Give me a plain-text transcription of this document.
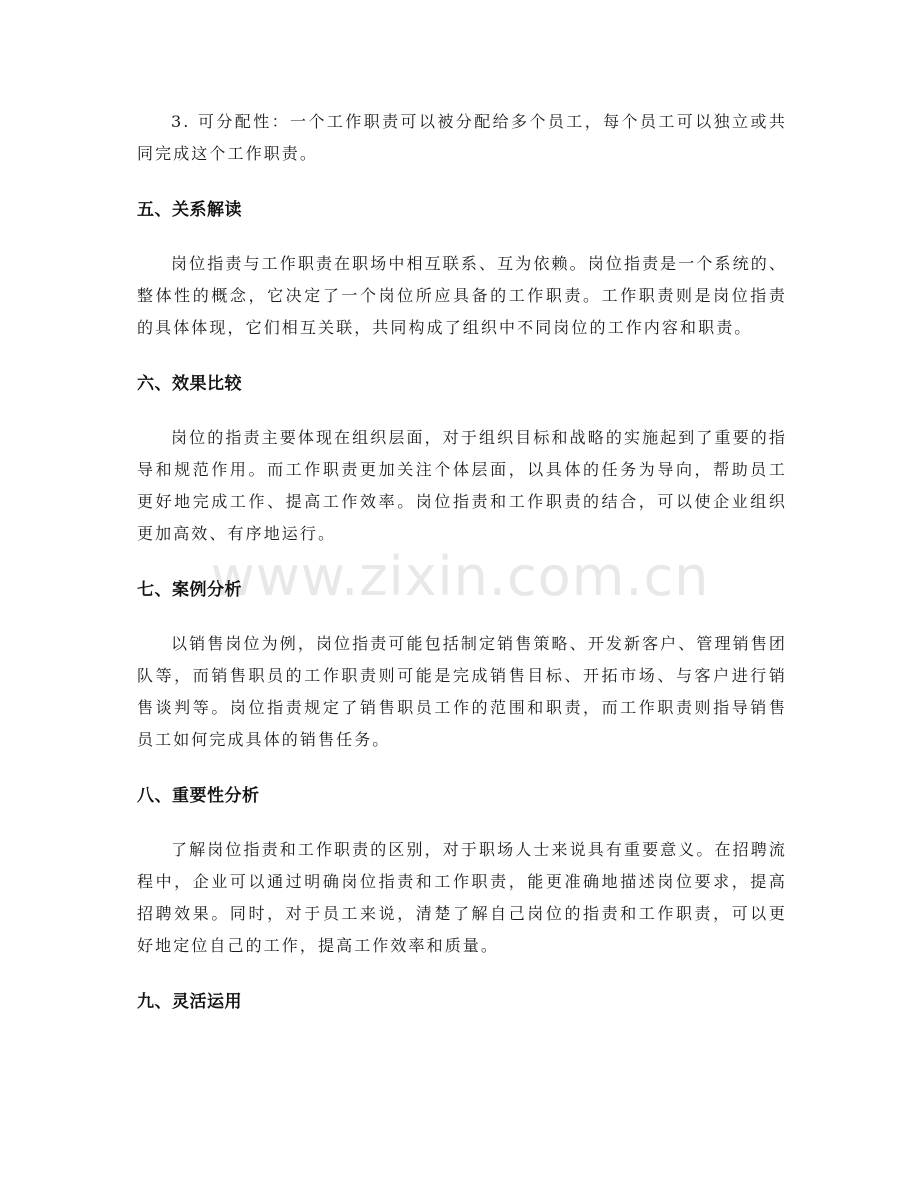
www.zixin.com.cn

3. 可分配性：一个工作职责可以被分配给多个员工，每个员工可以独立或共同完成这个工作职责。

五、关系解读

岗位指责与工作职责在职场中相互联系、互为依赖。岗位指责是一个系统的、整体性的概念，它决定了一个岗位所应具备的工作职责。工作职责则是岗位指责的具体体现，它们相互关联，共同构成了组织中不同岗位的工作内容和职责。

六、效果比较

岗位的指责主要体现在组织层面，对于组织目标和战略的实施起到了重要的指导和规范作用。而工作职责更加关注个体层面，以具体的任务为导向，帮助员工更好地完成工作、提高工作效率。岗位指责和工作职责的结合，可以使企业组织更加高效、有序地运行。

七、案例分析

以销售岗位为例，岗位指责可能包括制定销售策略、开发新客户、管理销售团队等，而销售职员的工作职责则可能是完成销售目标、开拓市场、与客户进行销售谈判等。岗位指责规定了销售职员工作的范围和职责，而工作职责则指导销售员工如何完成具体的销售任务。

八、重要性分析

了解岗位指责和工作职责的区别，对于职场人士来说具有重要意义。在招聘流程中，企业可以通过明确岗位指责和工作职责，能更准确地描述岗位要求，提高招聘效果。同时，对于员工来说，清楚了解自己岗位的指责和工作职责，可以更好地定位自己的工作，提高工作效率和质量。

九、灵活运用
